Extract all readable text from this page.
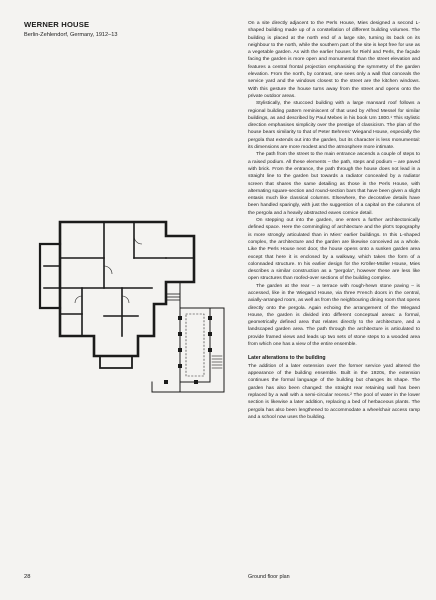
WERNER HOUSE
Berlin-Zehlendorf, Germany, 1912–13

On a site directly adjacent to the Perls House, Mies designed a second L-shaped building made up of a constellation of different building volumes. The building is placed at the north end of a large site, turning its back on its neighbour to the north, while the southern part of the site is kept free for use as a vegetable garden. As with the earlier houses for Riehl and Perls, the façade facing the garden is more open and monumental than the street elevation and features a central frontal projection emphasising the symmetry of the garden elevation. From the north, by contrast, one sees only a wall that conceals the service yard and the windows closest to the street are the kitchen windows. With this gesture the house turns away from the street and opens onto the private outdoor areas.

Stylistically, the stuccoed building with a large mansard roof follows a regional building pattern reminiscent of that used by Alfred Messel for similar buildings, as and described by Paul Mebes in his book Um 1800.¹ This stylistic direction emphasises simplicity over the prestige of classicism. The plan of the house bears similarity to that of Peter Behrens' Wiegand House, especially the pergola that extends out into the garden, but its character is less monumental: its dimensions are more modest and the atmosphere more intimate.

The path from the street to the main entrance ascends a couple of steps to a raised podium. All these elements – the path, steps and podium – are paved with brick. From the entrance, the path through the house does not lead in a straight line to the garden but towards a radiator concealed by a radiator screen that shares the same detailing as those in the Perls House, with alternating square-section and round-section bars that have been given a slight entasis much like classical columns. Elsewhere, the decorative details have been handled sparingly, with just the suggestion of a capital on the columns of the pergola and a heavily abstracted eaves cornice detail.

On stepping out into the garden, one enters a further architectonically defined space. Here the commingling of architecture and the plot's topography is more strongly articulated than in Mies' earlier buildings. In this L-shaped complex, the architecture and the garden are likewise conceived as a whole. Like the Perls House next door, the house opens onto a sunken garden area except that here it is enclosed by a walkway, which takes the form of a colonnaded structure. In his earlier design for the Kröller-Müller House, Mies describes a similar construction as a "pergola", however these are less like open structures than roofed-over sections of the building complex.

The garden at the rear – a terrace with rough-hewn stone paving – is accessed, like in the Wiegand House, via three French doors in the central, axially-arranged room, as well as from the neighbouring dining room that opens directly onto the pergola. Again echoing the arrangement of the Wiegand House, the garden is divided into different conceptual areas: a formal, geometrically defined area that relates directly to the architecture, and a landscaped garden area. The path through the architecture is articulated to provide framed views and leads up two sets of stone steps to a wooded area from which one has a view of the entire ensemble.

Later alterations to the building

The addition of a later extension over the former service yard altered the appearance of the building ensemble. Built in the 1920s, the extension continues the formal language of the building but changes its shape. The garden has also been changed: the straight rear retaining wall has been replaced by a wall with a semi-circular recess.² The pool of water in the lower section is likewise a later addition, replacing a bed of herbaceous plants. The pergola has also been lengthened to accommodate a wheelchair access ramp and a school now uses the building.

28	Ground floor plan
